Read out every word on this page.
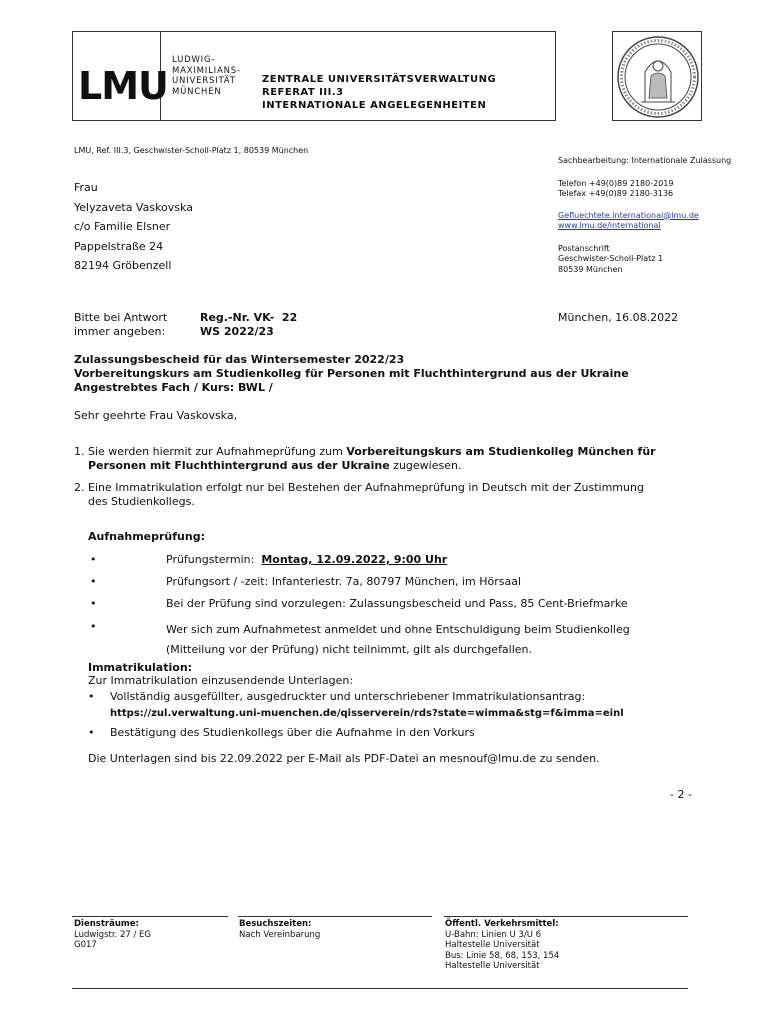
LMU
LUDWIG-
MAXIMILIANS-
UNIVERSITÄT
MÜNCHEN
ZENTRALE UNIVERSITÄTSVERWALTUNG
REFERAT III.3
INTERNATIONALE ANGELEGENHEITEN
LMU, Ref. III.3, Geschwister-Scholl-Platz 1, 80539 München
Frau
Yelyzaveta Vaskovska
c/o Familie Elsner
Pappelstraße 24
82194 Gröbenzell
Sachbearbeitung: Internationale Zulassung
Telefon +49(0)89 2180-2019
Telefax +49(0)89 2180-3136
Gefluechtete.international@lmu.de
www.lmu.de/international
Postanschrift
Geschwister-Scholl-Platz 1
80539 München
Bitte bei Antwort
immer angeben:
Reg.-Nr. VK-  22
WS 2022/23
München, 16.08.2022
Zulassungsbescheid für das Wintersemester 2022/23
Vorbereitungskurs am Studienkolleg für Personen mit Fluchthintergrund aus der Ukraine
Angestrebtes Fach / Kurs: BWL /
Sehr geehrte Frau Vaskovska,
1. Sie werden hiermit zur Aufnahmeprüfung zum Vorbereitungskurs am Studienkolleg München für
Personen mit Fluchthintergrund aus der Ukraine zugewiesen.
2. Eine Immatrikulation erfolgt nur bei Bestehen der Aufnahmeprüfung in Deutsch mit der Zustimmung
des Studienkollegs.
Aufnahmeprüfung:
•	Prüfungstermin:  Montag, 12.09.2022, 9:00 Uhr
•	Prüfungsort / -zeit: Infanteriestr. 7a, 80797 München, im Hörsaal
•	Bei der Prüfung sind vorzulegen: Zulassungsbescheid und Pass, 85 Cent-Briefmarke
•	Wer sich zum Aufnahmetest anmeldet und ohne Entschuldigung beim Studienkolleg
(Mitteilung vor der Prüfung) nicht teilnimmt, gilt als durchgefallen.
Immatrikulation:
Zur Immatrikulation einzusendende Unterlagen:
• Vollständig ausgefüllter, ausgedruckter und unterschriebener Immatrikulationsantrag:
https://zul.verwaltung.uni-muenchen.de/qisserverein/rds?state=wimma&stg=f&imma=einl
• Bestätigung des Studienkollegs über die Aufnahme in den Vorkurs
Die Unterlagen sind bis 22.09.2022 per E-Mail als PDF-Datei an mesnouf@lmu.de zu senden.
- 2 -
Diensträume:
Ludwigstr. 27 / EG
G017
Besuchszeiten:
Nach Vereinbarung
Öffentl. Verkehrsmittel:
U-Bahn: Linien U 3/U 6
Haltestelle Universität
Bus: Linie 58, 68, 153, 154
Haltestelle Universität
